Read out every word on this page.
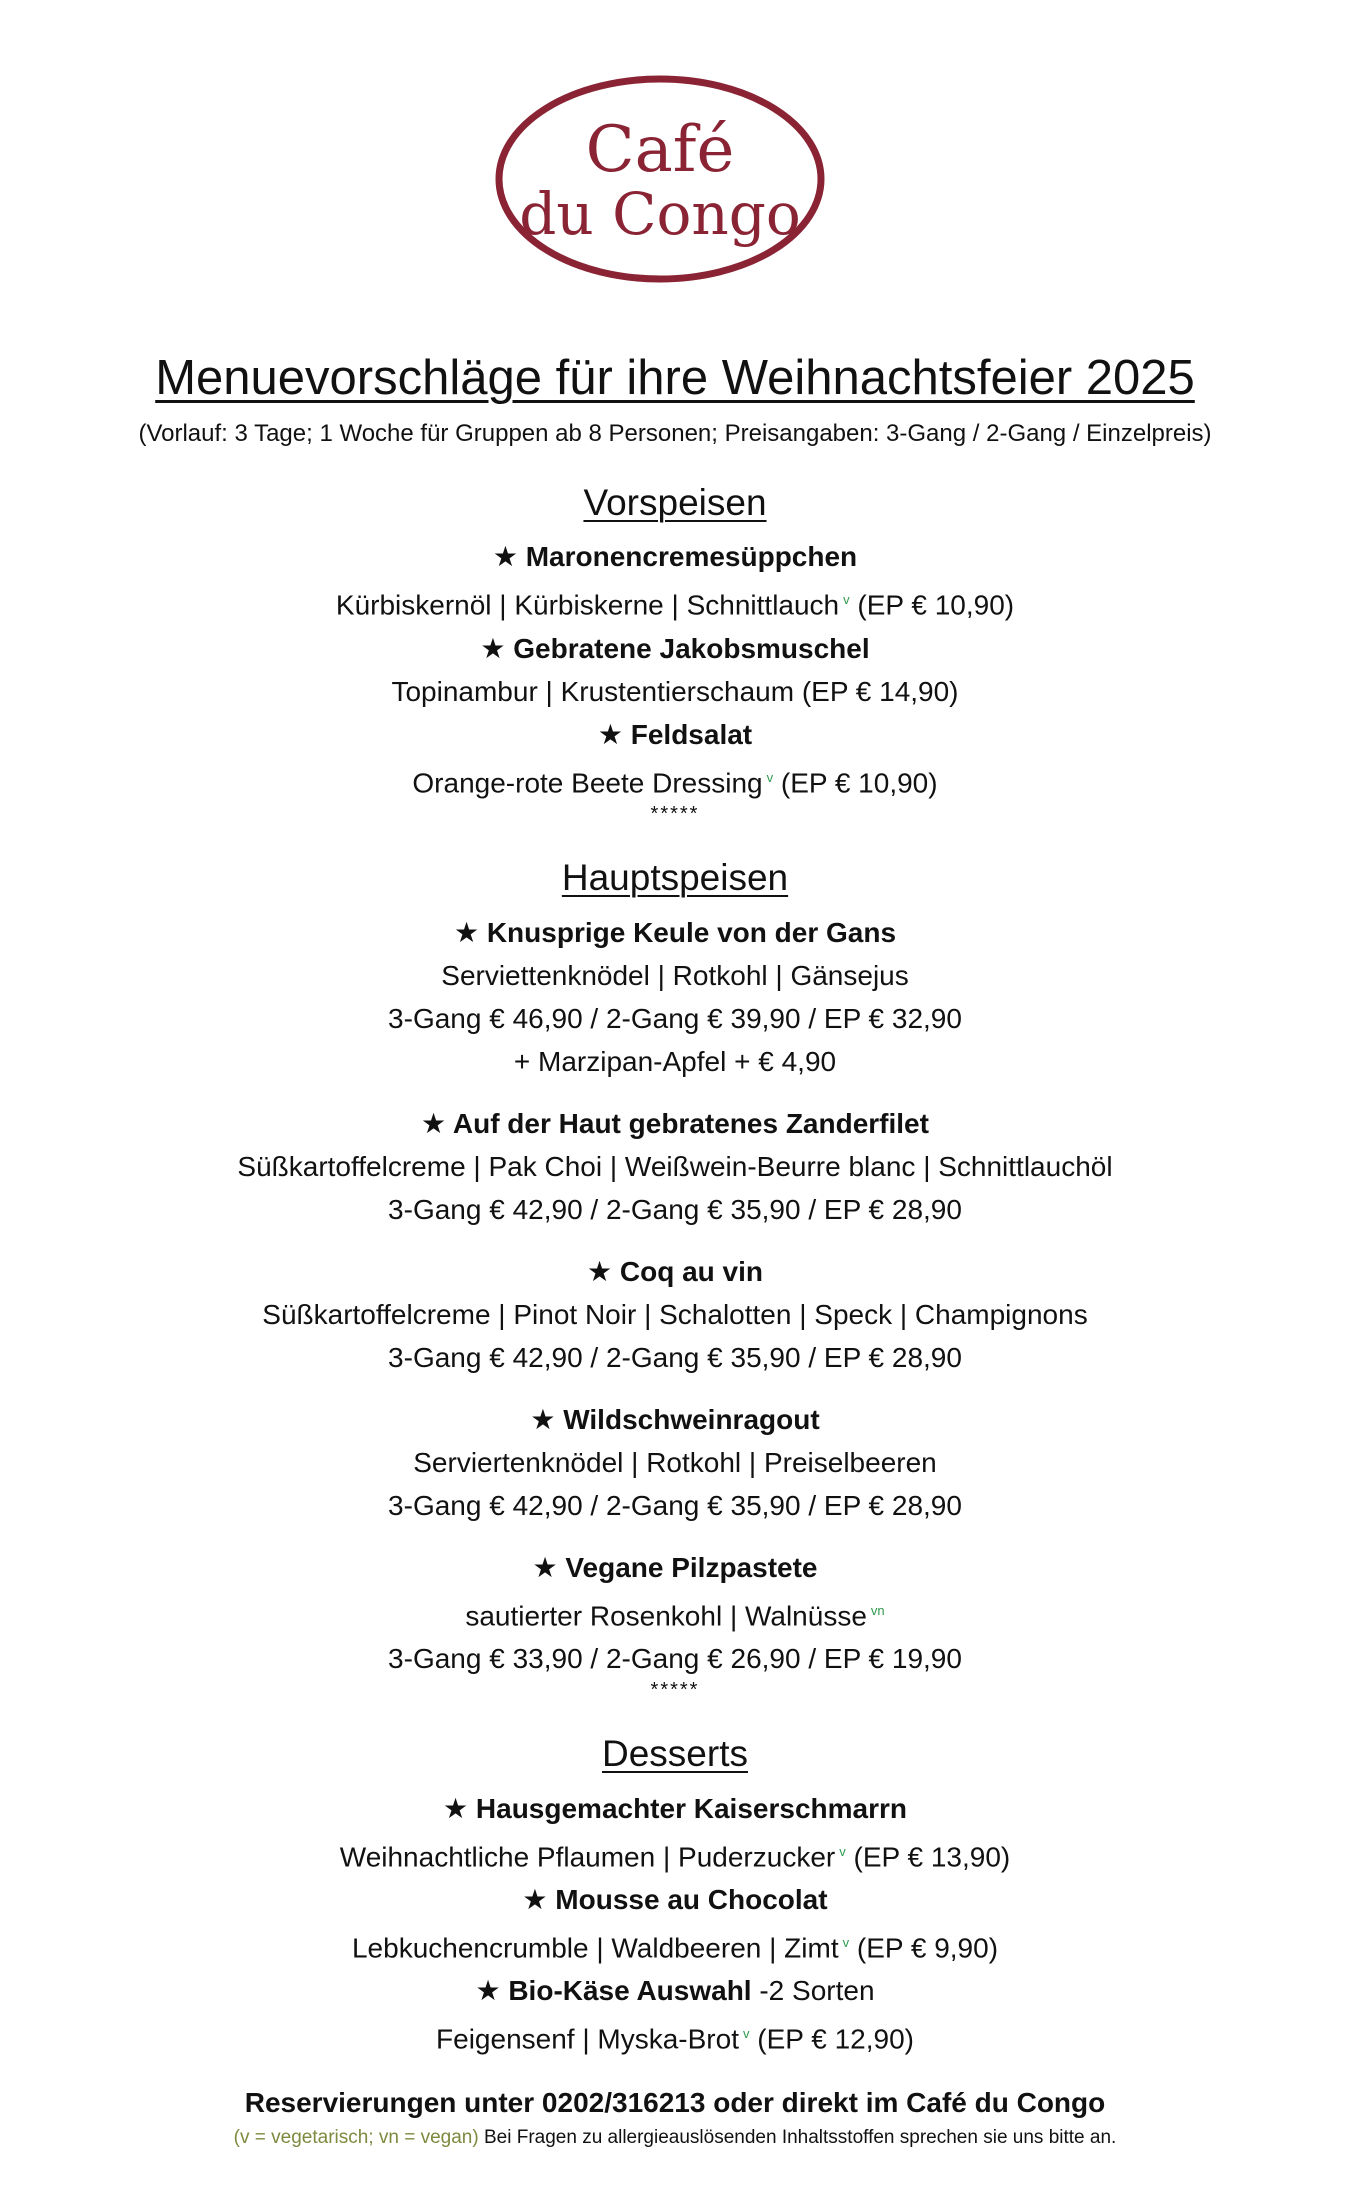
Café
du Congo
Menuevorschläge für ihre Weihnachtsfeier 2025
(Vorlauf: 3 Tage; 1 Woche für Gruppen ab 8 Personen; Preisangaben: 3-Gang / 2-Gang / Einzelpreis)
Vorspeisen
★ Maronencremesüppchen
Kürbiskernöl | Kürbiskerne | Schnittlauch $^v$ (EP € 10,90)
★ Gebratene Jakobsmuschel
Topinambur | Krustentierschaum (EP € 14,90)
★ Feldsalat
Orange-rote Beete Dressing $^v$ (EP € 10,90)
*****
Hauptspeisen
★ Knusprige Keule von der Gans
Serviettenknödel | Rotkohl | Gänsejus
3-Gang € 46,90 / 2-Gang € 39,90 / EP € 32,90
+ Marzipan-Apfel + € 4,90
★ Auf der Haut gebratenes Zanderfilet
Süßkartoffelcreme | Pak Choi | Weißwein-Beurre blanc | Schnittlauchöl
3-Gang € 42,90 / 2-Gang € 35,90 / EP € 28,90
★ Coq au vin
Süßkartoffelcreme | Pinot Noir | Schalotten | Speck | Champignons
3-Gang € 42,90 / 2-Gang € 35,90 / EP € 28,90
★ Wildschweinragout
Serviertenknödel | Rotkohl | Preiselbeeren
3-Gang € 42,90 / 2-Gang € 35,90 / EP € 28,90
★ Vegane Pilzpastete
sautierter Rosenkohl | Walnüsse $^{vn}$
3-Gang € 33,90 / 2-Gang € 26,90 / EP € 19,90
*****
Desserts
★ Hausgemachter Kaiserschmarrn
Weihnachtliche Pflaumen | Puderzucker $^v$ (EP € 13,90)
★ Mousse au Chocolat
Lebkuchencrumble | Waldbeeren | Zimt $^v$ (EP € 9,90)
★ Bio-Käse Auswahl -2 Sorten
Feigensenf | Myska-Brot $^v$ (EP € 12,90)
Reservierungen unter 0202/316213 oder direkt im Café du Congo
(v = vegetarisch; vn = vegan) Bei Fragen zu allergieauslösenden Inhaltsstoffen sprechen sie uns bitte an.
